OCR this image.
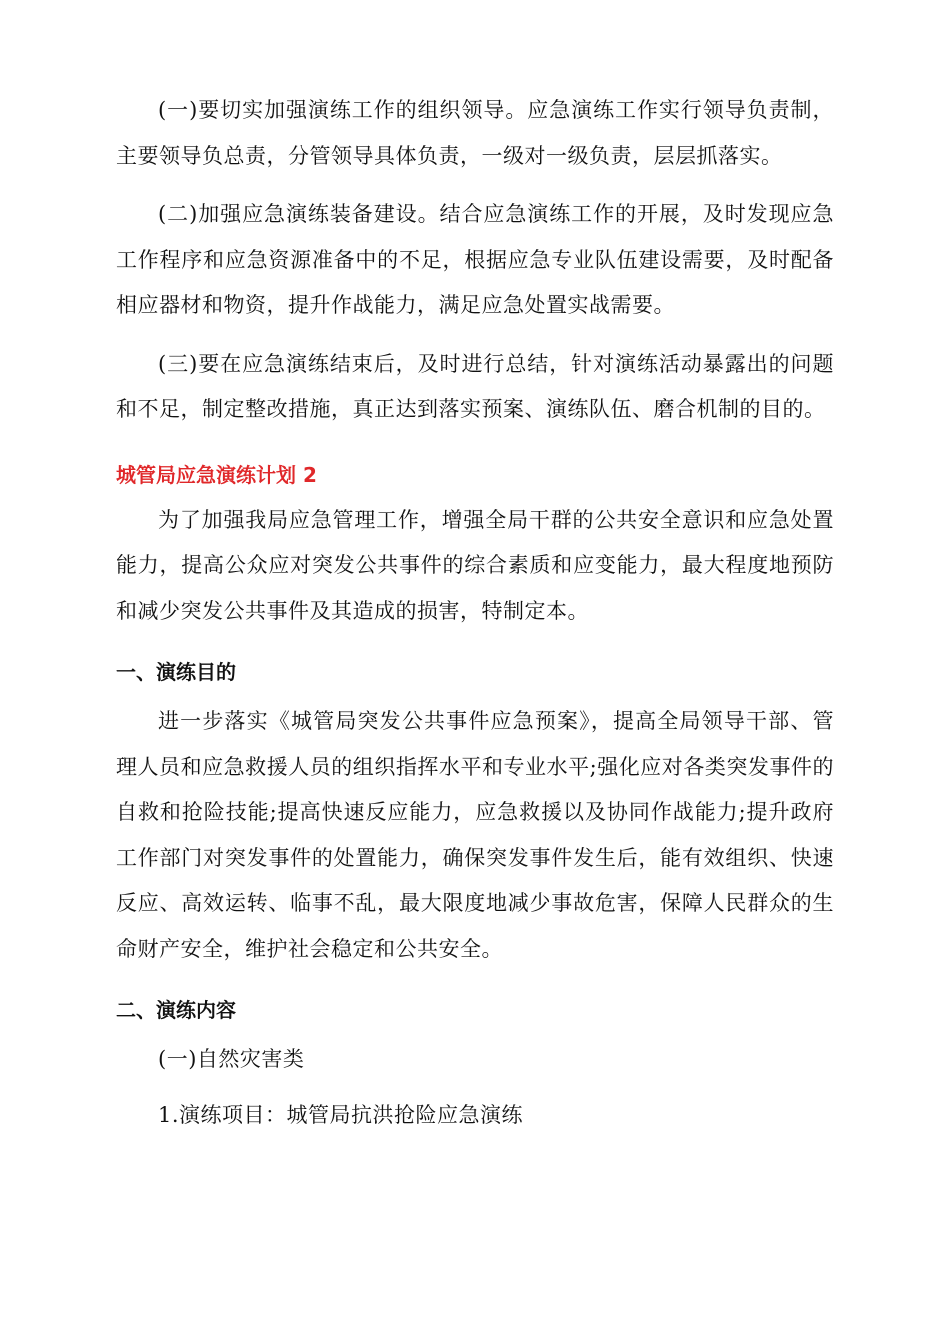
(一)要切实加强演练工作的组织领导。应急演练工作实行领导负责制，主要领导负总责，分管领导具体负责，一级对一级负责，层层抓落实。

(二)加强应急演练装备建设。结合应急演练工作的开展，及时发现应急工作程序和应急资源准备中的不足，根据应急专业队伍建设需要，及时配备相应器材和物资，提升作战能力，满足应急处置实战需要。

(三)要在应急演练结束后，及时进行总结，针对演练活动暴露出的问题和不足，制定整改措施，真正达到落实预案、演练队伍、磨合机制的目的。

城管局应急演练计划 2

为了加强我局应急管理工作，增强全局干群的公共安全意识和应急处置能力，提高公众应对突发公共事件的综合素质和应变能力，最大程度地预防和减少突发公共事件及其造成的损害，特制定本。

一、演练目的

进一步落实《城管局突发公共事件应急预案》，提高全局领导干部、管理人员和应急救援人员的组织指挥水平和专业水平;强化应对各类突发事件的自救和抢险技能;提高快速反应能力，应急救援以及协同作战能力;提升政府工作部门对突发事件的处置能力，确保突发事件发生后，能有效组织、快速反应、高效运转、临事不乱，最大限度地减少事故危害，保障人民群众的生命财产安全，维护社会稳定和公共安全。

二、演练内容

(一)自然灾害类

1.演练项目：城管局抗洪抢险应急演练
